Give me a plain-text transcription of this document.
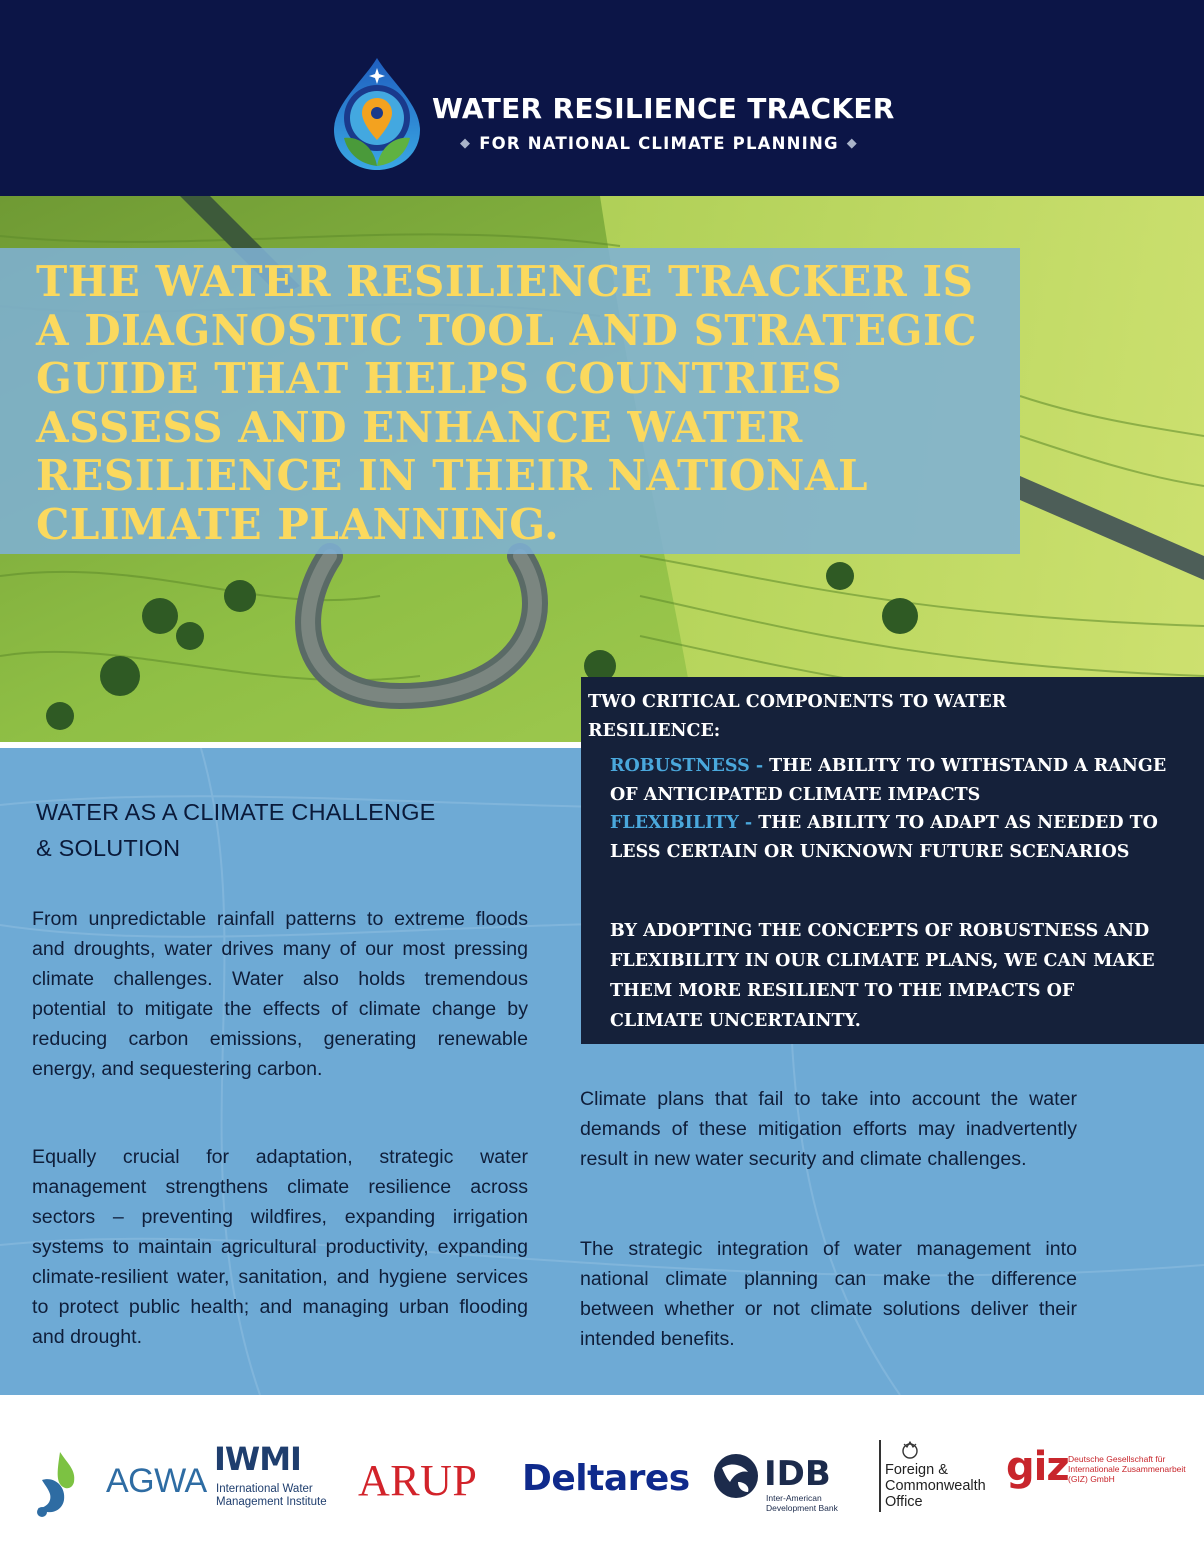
WATER RESILIENCE TRACKER
◆ FOR NATIONAL CLIMATE PLANNING ◆
THE WATER RESILIENCE TRACKER IS A DIAGNOSTIC TOOL AND STRATEGIC GUIDE THAT HELPS COUNTRIES ASSESS AND ENHANCE WATER RESILIENCE IN THEIR NATIONAL CLIMATE PLANNING.
WATER AS A CLIMATE CHALLENGE & SOLUTION

From unpredictable rainfall patterns to extreme floods and droughts, water drives many of our most pressing climate challenges. Water also holds tremendous potential to mitigate the effects of climate change by reducing carbon emissions, generating renewable energy, and sequestering carbon.

Equally crucial for adaptation, strategic water management strengthens climate resilience across sectors – preventing wildfires, expanding irrigation systems to maintain agricultural productivity, expanding climate-resilient water, sanitation, and hygiene services to protect public health; and managing urban flooding and drought.

Climate plans that fail to take into account the water demands of these mitigation efforts may inadvertently result in new water security and climate challenges.

The strategic integration of water management into national climate planning can make the difference between whether or not climate solutions deliver their intended benefits.

TWO CRITICAL COMPONENTS TO WATER RESILIENCE:
ROBUSTNESS - THE ABILITY TO WITHSTAND A RANGE OF ANTICIPATED CLIMATE IMPACTS
FLEXIBILITY - THE ABILITY TO ADAPT AS NEEDED TO LESS CERTAIN OR UNKNOWN FUTURE SCENARIOS
BY ADOPTING THE CONCEPTS OF ROBUSTNESS AND FLEXIBILITY IN OUR CLIMATE PLANS, WE CAN MAKE THEM MORE RESILIENT TO THE IMPACTS OF CLIMATE UNCERTAINTY.
AGWA
IWMI
International Water Management Institute ARUP Deltares IDB
Inter-American Development Bank
Foreign & Commonwealth Office
giz Deutsche Gesellschaft für Internationale Zusammenarbeit (GIZ) GmbH
